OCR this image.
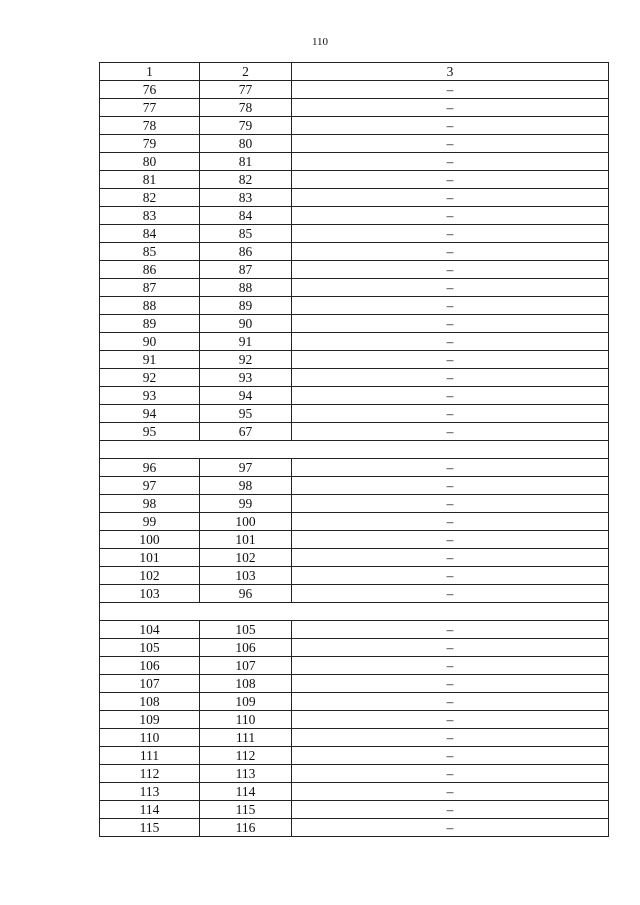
110
1	2	3
76	77	–
77	78	–
78	79	–
79	80	–
80	81	–
81	82	–
82	83	–
83	84	–
84	85	–
85	86	–
86	87	–
87	88	–
88	89	–
89	90	–
90	91	–
91	92	–
92	93	–
93	94	–
94	95	–
95	67	–

96	97	–
97	98	–
98	99	–
99	100	–
100	101	–
101	102	–
102	103	–
103	96	–

104	105	–
105	106	–
106	107	–
107	108	–
108	109	–
109	110	–
110	111	–
111	112	–
112	113	–
113	114	–
114	115	–
115	116	–
